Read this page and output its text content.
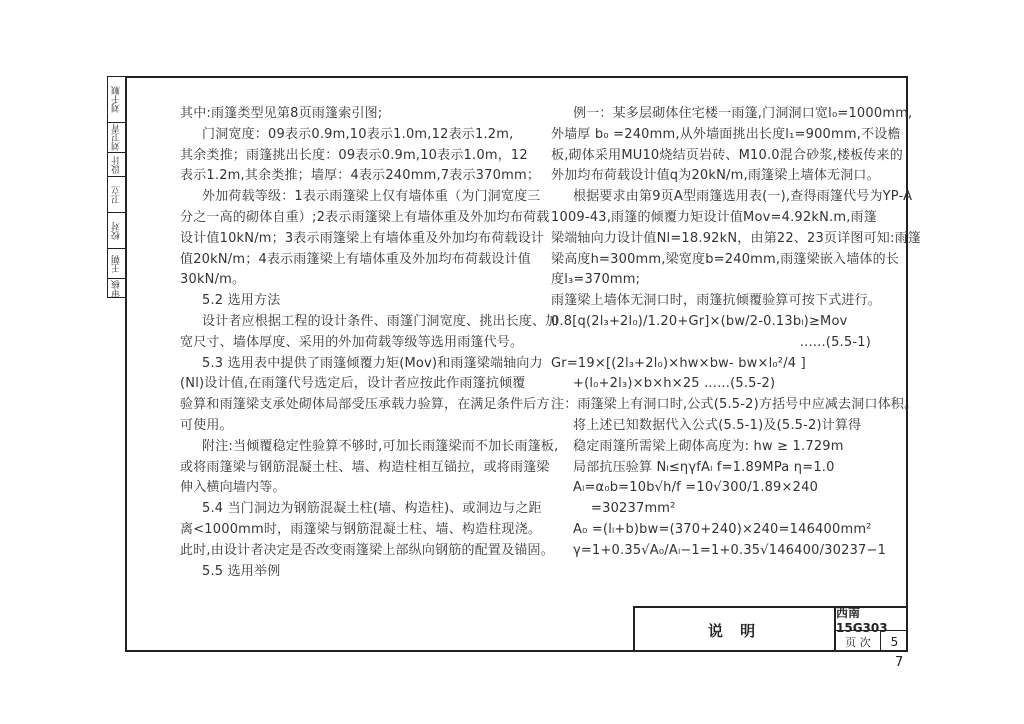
刘千顺
刘卫青
设计
卫立
校对
王朝
审核

其中:雨篷类型见第8页雨篷索引图;

门洞宽度：09表示0.9m,10表示1.0m,12表示1.2m,

其余类推；雨篷挑出长度：09表示0.9m,10表示1.0m，12

表示1.2m,其余类推；墙厚：4表示240mm,7表示370mm；

外加荷载等级：1表示雨篷梁上仅有墙体重（为门洞宽度三

分之一高的砌体自重）;2表示雨篷梁上有墙体重及外加均布荷载

设计值10kN/m；3表示雨篷梁上有墙体重及外加均布荷载设计

值20kN/m；4表示雨篷梁上有墙体重及外加均布荷载设计值

30kN/m。

5.2 选用方法

设计者应根据工程的设计条件、雨篷门洞宽度、挑出长度、加

宽尺寸、墙体厚度、采用的外加荷载等级等选用雨篷代号。

5.3 选用表中提供了雨篷倾覆力矩(Mov)和雨篷梁端轴向力

(Nl)设计值,在雨篷代号选定后，设计者应按此作雨篷抗倾覆

验算和雨篷梁支承处砌体局部受压承载力验算，在满足条件后方

可使用。

附注:当倾覆稳定性验算不够时,可加长雨篷梁而不加长雨篷板,

或将雨篷梁与钢筋混凝土柱、墙、构造柱相互锚拉，或将雨篷梁

伸入横向墙内等。

5.4 当门洞边为钢筋混凝土柱(墙、构造柱)、或洞边与之距

离<1000mm时，雨篷梁与钢筋混凝土柱、墙、构造柱现浇。

此时,由设计者决定是否改变雨篷梁上部纵向钢筋的配置及锚固。

5.5 选用举例

例一：某多层砌体住宅楼一雨篷,门洞洞口宽l₀=1000mm,

外墙厚 b₀ =240mm,从外墙面挑出长度l₁=900mm,不设檐

板,砌体采用MU10烧结页岩砖、M10.0混合砂浆,楼板传来的

外加均布荷载设计值q为20kN/m,雨篷梁上墙体无洞口。

根据要求由第9页A型雨篷选用表(一),查得雨篷代号为YP-A

1009-43,雨篷的倾覆力矩设计值Mov=4.92kN.m,雨篷

梁端轴向力设计值Nl=18.92kN，由第22、23页详图可知:雨篷

梁高度h=300mm,梁宽度b=240mm,雨篷梁嵌入墙体的长

度l₃=370mm;

雨篷梁上墙体无洞口时，雨篷抗倾覆验算可按下式进行。

0.8[q(2l₃+2l₀)/1.20+Gr]×(bw/2-0.13bₗ)≥Mov

......(5.5-1)

Gr=19×[(2l₃+2l₀)×hw×bw- bw×l₀²/4 ]

+(l₀+2l₃)×b×h×25 ......(5.5-2)

注：雨篷梁上有洞口时,公式(5.5-2)方括号中应减去洞口体积。

将上述已知数据代入公式(5.5-1)及(5.5-2)计算得

稳定雨篷所需梁上砌体高度为: hw ≥ 1.729m

局部抗压验算 Nₗ≤ηγfAₗ f=1.89MPa η=1.0

Aₗ=α₀b=10b√h/f =10√300/1.89×240

=30237mm²

A₀ =(lₗ+b)bw=(370+240)×240=146400mm²

γ=1+0.35√A₀/Aₗ−1=1+0.35√146400/30237−1

说 明
西南15G303
页 次	5
7
